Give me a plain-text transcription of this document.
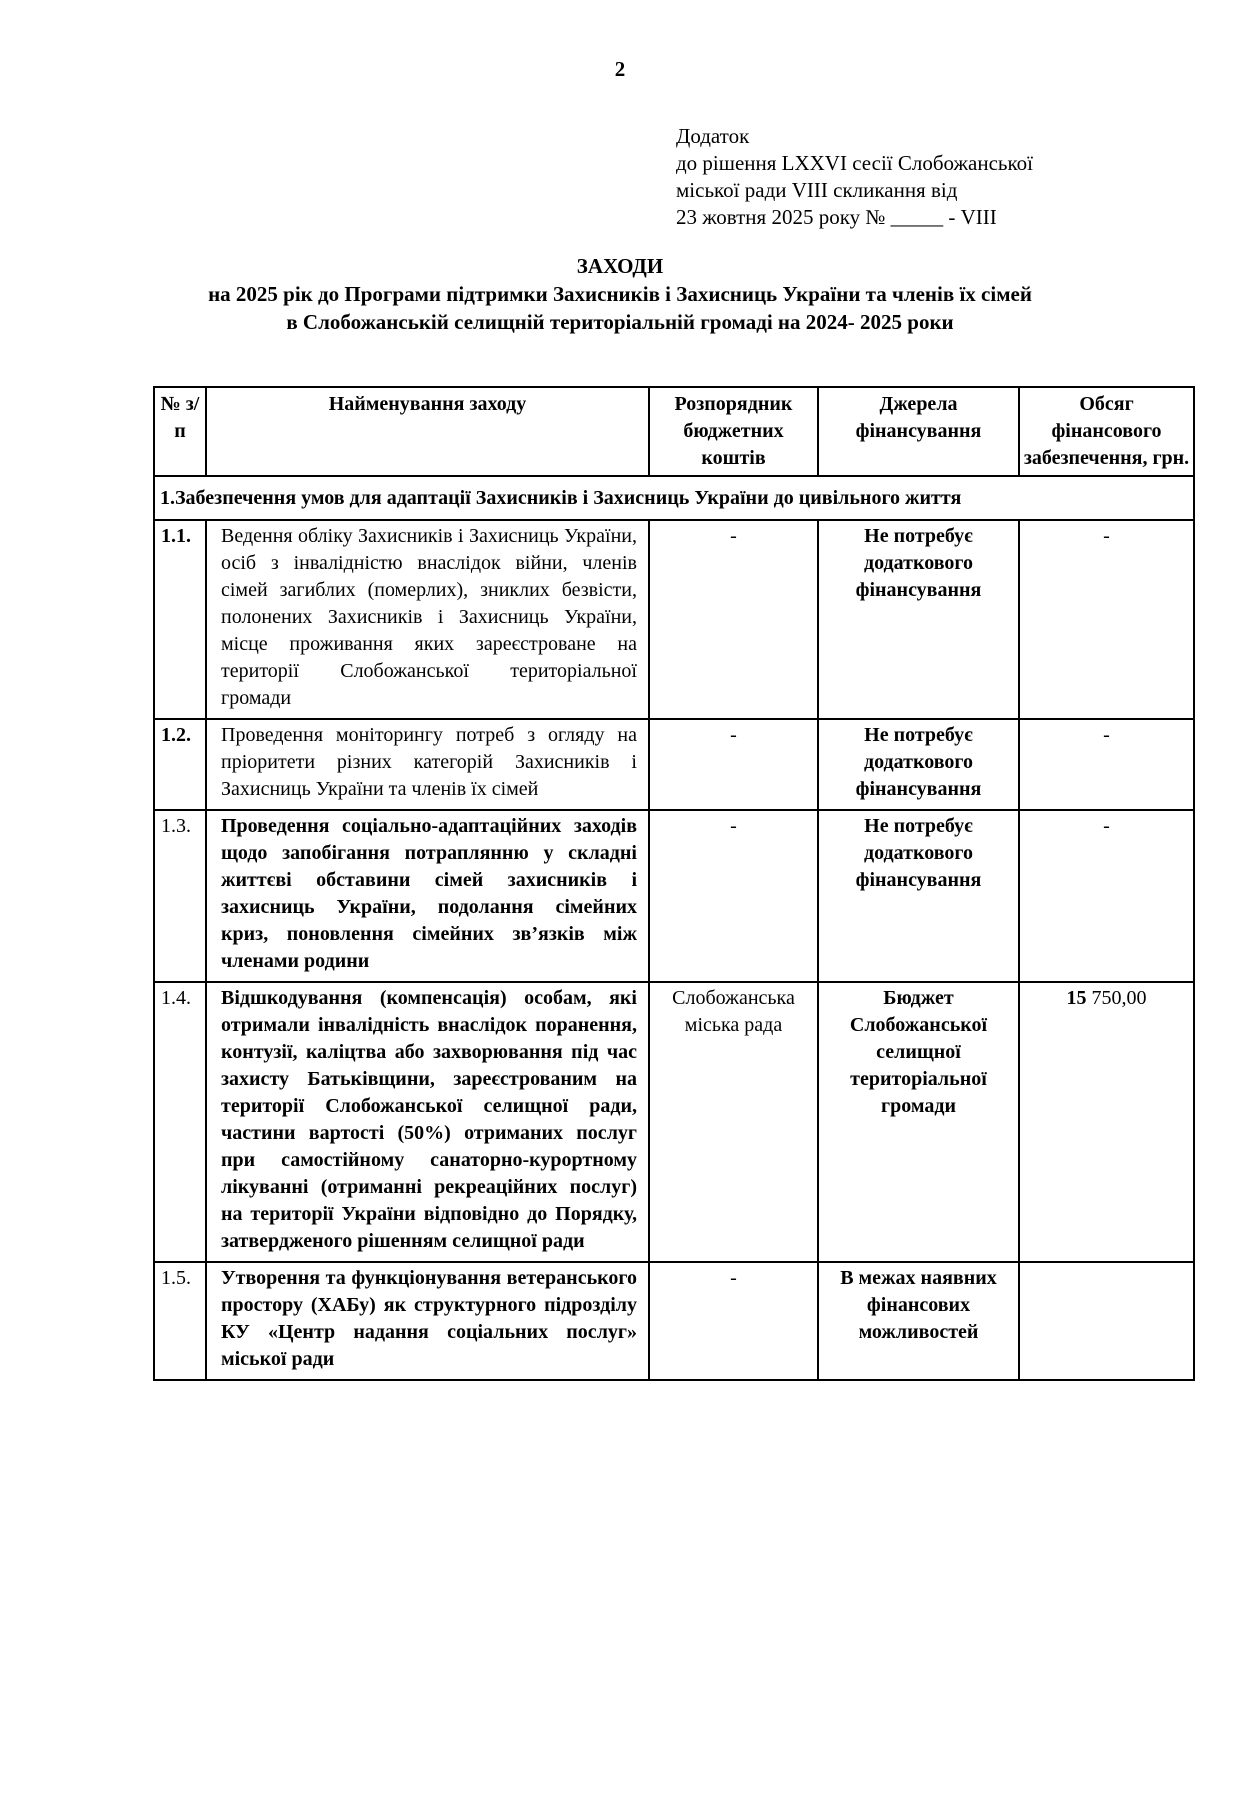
2
Додаток
до рішення LXXVI сесії Слобожанської
міської ради VIII скликання від
23 жовтня 2025 року № _____ - VIII
ЗАХОДИ
на 2025 рік до Програми підтримки Захисників і Захисниць України та членів їх сімей
в Слобожанській селищній територіальній громаді на 2024- 2025 роки
№ з/п	Найменування заходу	Розпорядник бюджетних коштів	Джерела фінансування	Обсяг фінансового забезпечення, грн.
1.Забезпечення умов для адаптації Захисників і Захисниць України до цивільного життя				
1.1.	Ведення обліку Захисників і Захисниць України, осіб з інвалідністю внаслідок війни, членів сімей загиблих (померлих), зниклих безвісти, полонених Захисників і Захисниць України, місце проживання яких зареєстроване на території Слобожанської територіальної громади	-	Не потребує додаткового фінансування	-
1.2.	Проведення моніторингу потреб з огляду на пріоритети різних категорій Захисників і Захисниць України та членів їх сімей	-	Не потребує додаткового фінансування	-
1.3.	Проведення соціально-адаптаційних заходів щодо запобігання потраплянню у складні життєві обставини сімей захисників і захисниць України, подолання сімейних криз, поновлення сімейних зв’язків між членами родини	-	Не потребує додаткового фінансування	-
1.4.	Відшкодування (компенсація) особам, які отримали інвалідність внаслідок поранення, контузії, каліцтва або захворювання під час захисту Батьківщини, зареєстрованим на території Слобожанської селищної ради, частини вартості (50%) отриманих послуг при самостійному санаторно-курортному лікуванні (отриманні рекреаційних послуг) на території України відповідно до Порядку, затвердженого рішенням селищної ради	Слобожанська міська рада	Бюджет Слобожанської селищної територіальної громади	15 750,00
1.5.	Утворення та функціонування ветеранського простору (ХАБу) як структурного підрозділу КУ «Центр надання соціальних послуг» міської ради	-	В межах наявних фінансових можливостей	
